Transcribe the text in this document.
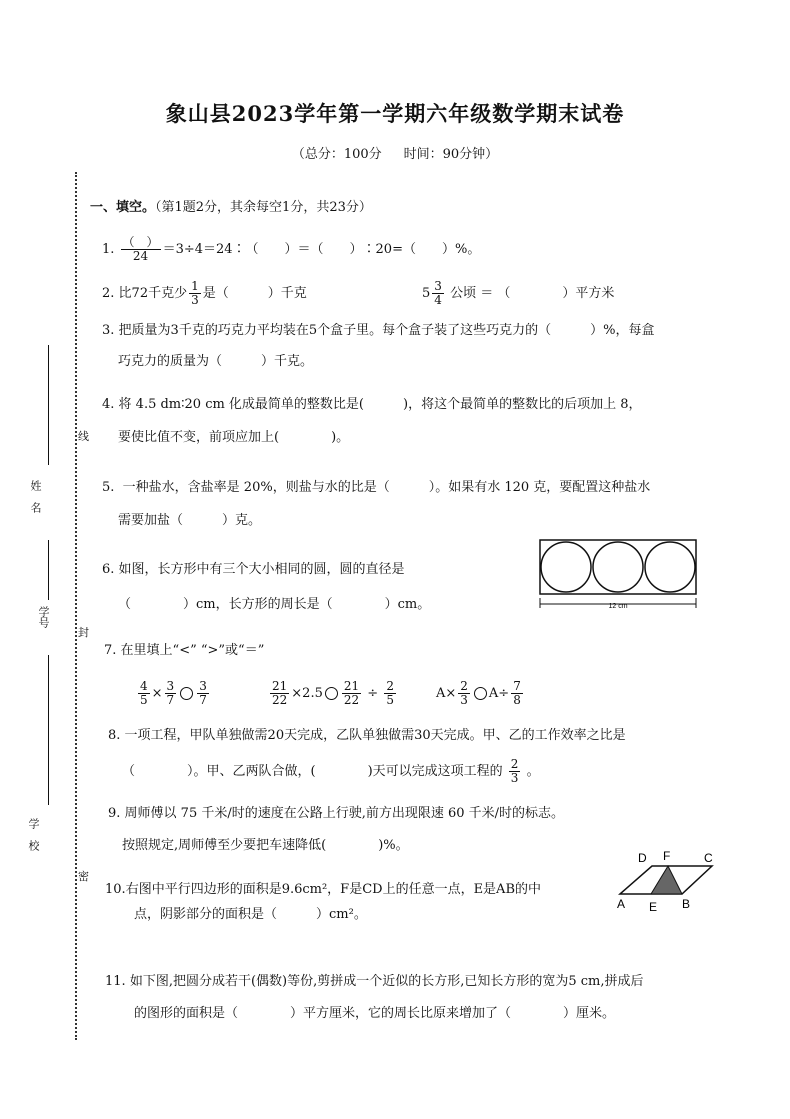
象山县2023学年第一学期六年级数学期末试卷
（总分：100分 时间：90分钟）
姓　名
学号
学　校
线
封
密
一、填空。（第1题2分，其余每空1分，共23分）
1. $\frac{( )}{24}$ ＝3÷4＝24∶（　　）＝（　　）∶20=（　　）%。
2. 比72千克少 $\frac{1}{3}$ 是（　　　）千克	$5 \frac{3}{4}$ 公顷 ＝ （　　　　）平方米
3. 把质量为3千克的巧克力平均装在5个盒子里。每个盒子装了这些巧克力的（　　　）%，每盒
巧克力的质量为（　　　）千克。
4. 将 4.5 dm∶20 cm 化成最简单的整数比是(　　　)，将这个最简单的整数比的后项加上 8，
要使比值不变，前项应加上(　　　　)。
5. 一种盐水，含盐率是 20%，则盐与水的比是（　　　）。如果有水 120 克，要配置这种盐水
需要加盐（　　　）克。
6. 如图，长方形中有三个大小相同的圆，圆的直径是
（　　　　）cm，长方形的周长是（　　　　）cm。	12 cm
7. 在里填上“<” “>”或“＝”
$\frac{4}{5} \times \frac{3}{7} \frac{3}{7}$	$\frac{21}{22} \times 2.5 \frac{21}{22} \div \frac{2}{5}$	$A\times \frac{2}{3} A\div \frac{7}{8}$
8. 一项工程，甲队单独做需20天完成，乙队单独做需30天完成。甲、乙的工作效率之比是
（　　　　）。甲、乙两队合做，(　　　　)天可以完成这项工程的 $\frac{2}{3}$ 。
9. 周师傅以 75 千米/时的速度在公路上行驶,前方出现限速 60 千米/时的标志。
按照规定,周师傅至少要把车速降低(　　　　)%。
D F	C
A E B
10.右图中平行四边形的面积是9.6cm²，F是CD上的任意一点，E是AB的中
点，阴影部分的面积是（　　　）cm²。
11. 如下图,把圆分成若干(偶数)等份,剪拼成一个近似的长方形,已知长方形的宽为5 cm,拼成后
的图形的面积是（　　　　）平方厘米，它的周长比原来增加了（　　　　）厘米。
